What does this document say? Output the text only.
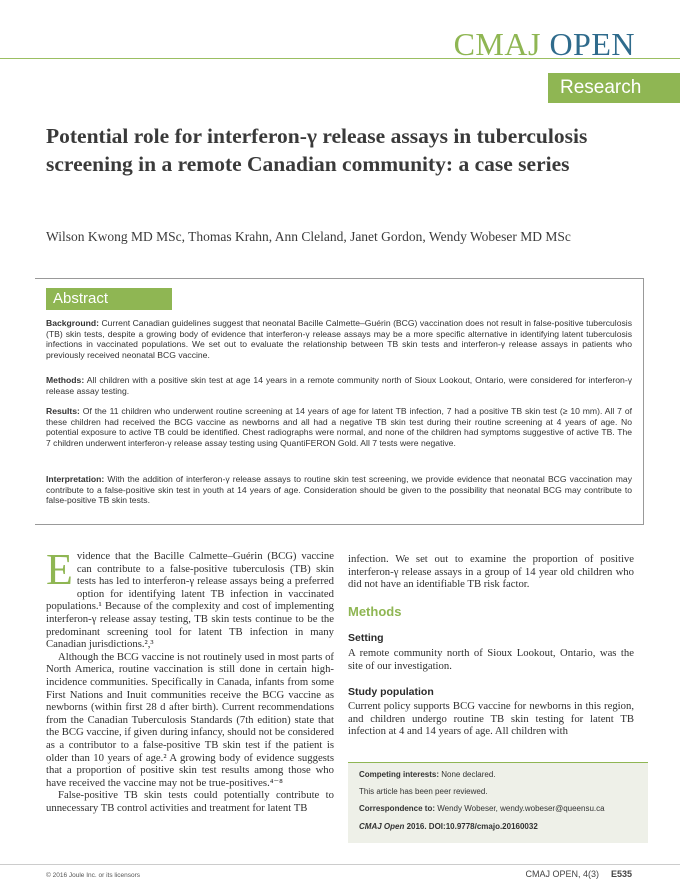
CMAJ OPEN
Research
Potential role for interferon-γ release assays in tuberculosis screening in a remote Canadian community: a case series
Wilson Kwong MD MSc, Thomas Krahn, Ann Cleland, Janet Gordon, Wendy Wobeser MD MSc
Abstract

Background: Current Canadian guidelines suggest that neonatal Bacille Calmette–Guérin (BCG) vaccination does not result in false-positive tuberculosis (TB) skin tests, despite a growing body of evidence that interferon-γ release assays may be a more specific alternative in identifying latent tuberculosis infections in vaccinated populations. We set out to evaluate the relationship between TB skin tests and interferon-γ release assays in patients who previously received neonatal BCG vaccine.

Methods: All children with a positive skin test at age 14 years in a remote community north of Sioux Lookout, Ontario, were considered for interferon-γ release assay testing.

Results: Of the 11 children who underwent routine screening at 14 years of age for latent TB infection, 7 had a positive TB skin test (≥ 10 mm). All 7 of these children had received the BCG vaccine as newborns and all had a negative TB skin test during their routine screening at 4 years of age. No potential exposure to active TB could be identified. Chest radiographs were normal, and none of the children had symptoms suggestive of active TB. The 7 children underwent interferon-γ release assay testing using QuantiFERON Gold. All 7 tests were negative.

Interpretation: With the addition of interferon-γ release assays to routine skin test screening, we provide evidence that neonatal BCG vaccination may contribute to a false-positive skin test in youth at 14 years of age. Consideration should be given to the possibility that neonatal BCG may contribute to false-positive TB skin tests.

Evidence that the Bacille Calmette–Guérin (BCG) vaccine can contribute to a false-positive tuberculosis (TB) skin tests has led to interferon-γ release assays being a preferred option for identifying latent TB infection in vaccinated populations.¹ Because of the complexity and cost of implementing interferon-γ release assay testing, TB skin tests continue to be the predominant screening tool for latent TB infection in many Canadian jurisdictions.²,³

Although the BCG vaccine is not routinely used in most parts of North America, routine vaccination is still done in certain high-incidence communities. Specifically in Canada, infants from some First Nations and Inuit communities receive the BCG vaccine as newborns (within first 28 d after birth). Current recommendations from the Canadian Tuberculosis Standards (7th edition) state that the BCG vaccine, if given during infancy, should not be considered as a contributor to a false-positive TB skin test if the patient is older than 10 years of age.² A growing body of evidence suggests that a proportion of positive skin test results among those who have received the vaccine may not be true-positives.⁴⁻⁸

False-positive TB skin tests could potentially contribute to unnecessary TB control activities and treatment for latent TB

infection. We set out to examine the proportion of positive interferon-γ release assays in a group of 14 year old children who did not have an identifiable TB risk factor.

Methods
Setting

A remote community north of Sioux Lookout, Ontario, was the site of our investigation.

Study population

Current policy supports BCG vaccine for newborns in this region, and children undergo routine TB skin testing for latent TB infection at 4 and 14 years of age. All children with

Competing interests: None declared.
This article has been peer reviewed.
Correspondence to: Wendy Wobeser, wendy.wobeser@queensu.ca
CMAJ Open 2016. DOI:10.9778/cmajo.20160032
© 2016 Joule Inc. or its licensors	CMAJ OPEN, 4(3) E535
